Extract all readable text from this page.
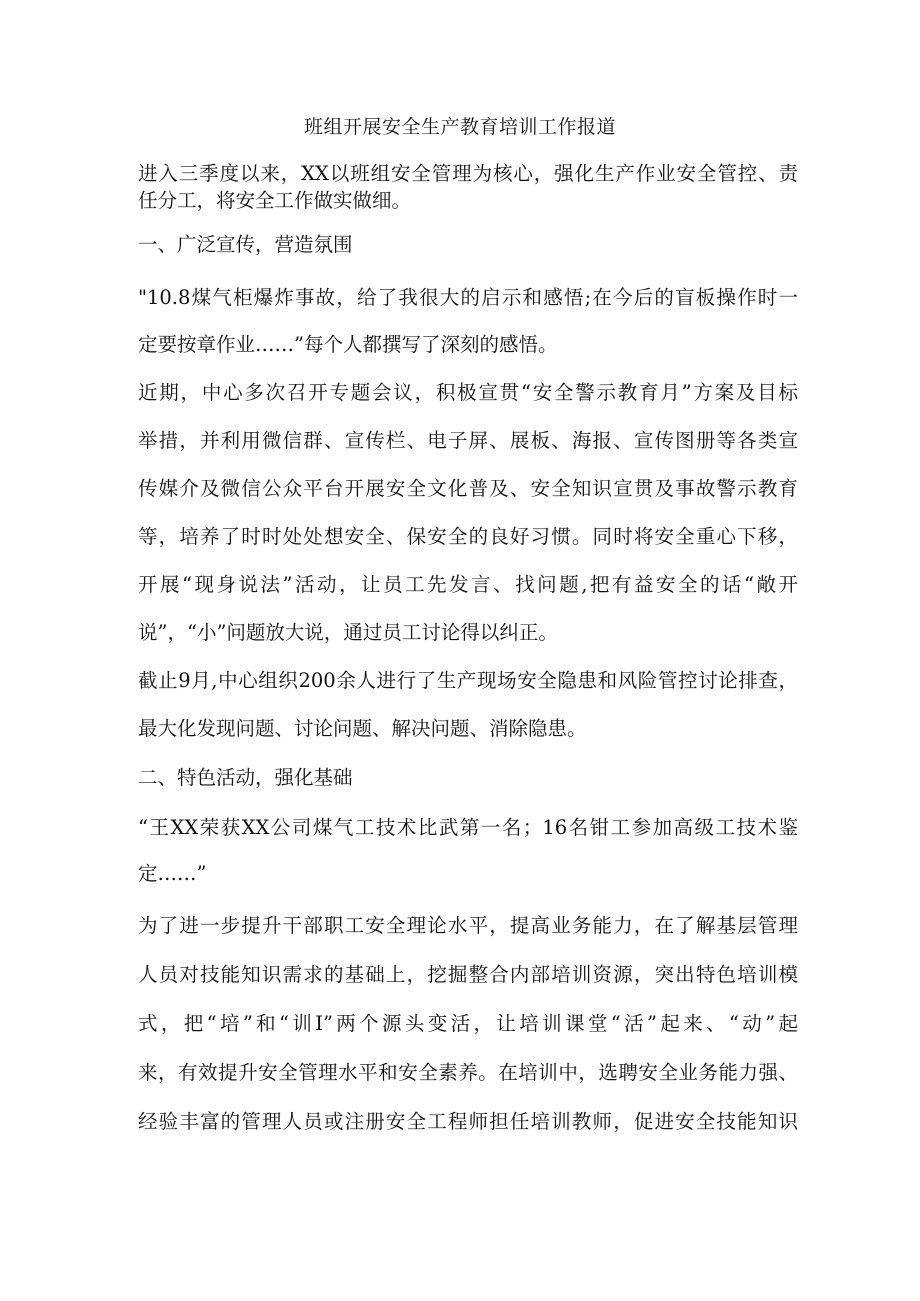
班组开展安全生产教育培训工作报道
进入三季度以来，XX以班组安全管理为核心，强化生产作业安全管控、责
任分工，将安全工作做实做细。
一、广泛宣传，营造氛围
"10.8煤气柜爆炸事故，给了我很大的启示和感悟;在今后的盲板操作时一
定要按章作业……”每个人都撰写了深刻的感悟。
近期，中心多次召开专题会议，积极宣贯“安全警示教育月”方案及目标
举措，并利用微信群、宣传栏、电子屏、展板、海报、宣传图册等各类宣
传媒介及微信公众平台开展安全文化普及、安全知识宣贯及事故警示教育
等，培养了时时处处想安全、保安全的良好习惯。同时将安全重心下移，
开展“现身说法”活动，让员工先发言、找问题,把有益安全的话“敞开
说”，“小”问题放大说，通过员工讨论得以纠正。
截止9月,中心组织200余人进行了生产现场安全隐患和风险管控讨论排查，
最大化发现问题、讨论问题、解决问题、消除隐患。
二、特色活动，强化基础
“王XX荣获XX公司煤气工技术比武第一名；16名钳工参加高级工技术鉴
定……”
为了进一步提升干部职工安全理论水平，提高业务能力，在了解基层管理
人员对技能知识需求的基础上，挖掘整合内部培训资源，突出特色培训模
式，把“培”和“训I”两个源头变活，让培训课堂“活”起来、“动”起
来，有效提升安全管理水平和安全素养。在培训中，选聘安全业务能力强、
经验丰富的管理人员或注册安全工程师担任培训教师，促进安全技能知识
